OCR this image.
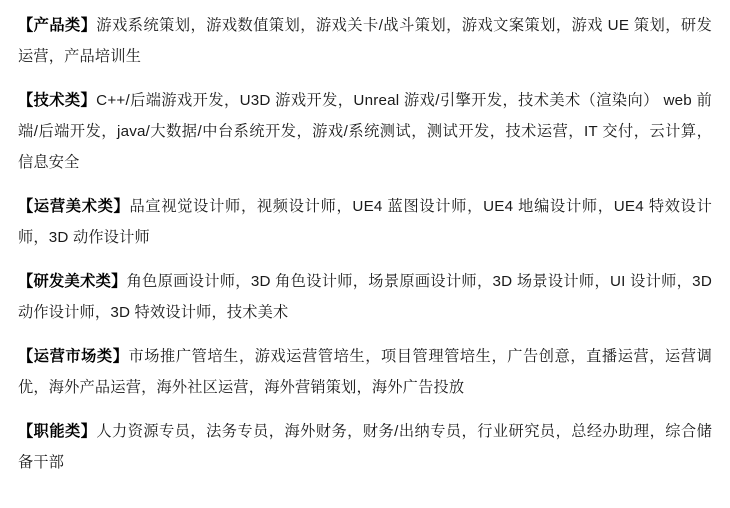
【产品类】游戏系统策划，游戏数值策划，游戏关卡/战斗策划，游戏文案策划，游戏 UE 策划，研发运营，产品培训生

【技术类】C++/后端游戏开发，U3D 游戏开发，Unreal 游戏/引擎开发，技术美术（渲染向） web 前端/后端开发，java/大数据/中台系统开发，游戏/系统测试，测试开发，技术运营，IT 交付，云计算，信息安全

【运营美术类】品宣视觉设计师，视频设计师，UE4 蓝图设计师，UE4 地编设计师，UE4 特效设计师，3D 动作设计师

【研发美术类】角色原画设计师，3D 角色设计师，场景原画设计师，3D 场景设计师，UI 设计师，3D 动作设计师，3D 特效设计师，技术美术

【运营市场类】市场推广管培生，游戏运营管培生，项目管理管培生，广告创意，直播运营，运营调优，海外产品运营，海外社区运营，海外营销策划，海外广告投放

【职能类】人力资源专员，法务专员，海外财务，财务/出纳专员，行业研究员，总经办助理，综合储备干部
